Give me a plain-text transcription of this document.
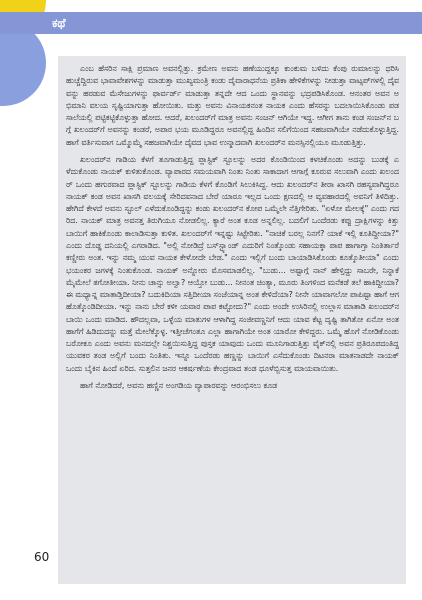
ಕಥೆ

ಎಂಬ ಹೆಸರಿನ ಸಾಕ್ಷಿ ಪ್ರಮಾಣ ಅವನಲ್ಲಿತ್ತು. ಕ್ರಮೇಣ ಅವನು ಹಣೆಯುದ್ದಕ್ಕೂ ಕುಂಕುಮ ಬಳಿದು ಕೆಂಪು ರುಮಾಲನ್ನು ಧರಿಸಿ ಹುಚ್ಚೆದ್ದಿರುವ ಭಾವಾವೇಶಗಳನ್ನು ಮಾಡುತ್ತಾ ಮುಖ್ಯಮಂತ್ರಿ ಕಂಡು ದೈವಾರಾಧನೆಯ ಪ್ರತಿಕಾ ಹೇಳಿಕೆಗಳನ್ನು ನೀಡುತ್ತಾ ವಾಟ್ಸಪ್‌ಗಳಲ್ಲಿ ದೈವವನ್ನು ಹರಡುವ ಮೆಸೇಜುಗಳನ್ನು ಫಾರ್ವರ್ಡ್ ಮಾಡುತ್ತಾ ತನ್ನದೇ ಆದ ಒಂದು ಸ್ಥಾನವನ್ನು ಭದ್ರಪಡಿಸಿಕೊಂಡ. ಆನಂತರ ಅವನ ಅಭಿಮಾನಿ ವಲಯ ಸೃಷ್ಟಿಯಾಗುತ್ತಾ ಹೋಯಿತು. ಮತ್ತು ಅವನು ವಿನಾಯಕನಂತ ನಾಯಕ ಎಂದು ಹೆಸರನ್ನು ಬದಲಾಯಿಸಿಕೊಂಡು ಪಡಸಾಲೆಯಲ್ಲಿ ಪಟ್ಟಿಕಟ್ಟಿಕೊಳ್ಳುತ್ತಾ ಹೋದ. ಆದರೆ, ಖಲಂದರ್‌ಗೆ ಮಾತ್ರ ಅವನು ಸಂಜನ್ ಆಗಿಯೇ ಇದ್ದ. ಆಗೀಗ ತಾನು ಕಂಡ ಸಂಜನ್‌ನ ಬಗ್ಗೆ ಖಲಂದರ್‌ಗೆ ಅವನನ್ನು ಕಂಡರೆ, ಅಪಾರ ಭಯ ಮೂಡಿದ್ದರೂ ಅವನಲ್ಲಿದ್ದ ಹಿಂದಿನ ಸಲಿಗೆಯಿಂದ ಸಹಜವಾಗಿಯೇ ನಡೆದುಕೊಳ್ಳುತ್ತಿದ್ದ. ಹಾಗೆ ವರ್ತಿಸುವಾಗ ಒಮ್ಮೊಮ್ಮೆ ಸಹಜವಾಗಿಯೇ ದೈವದ ಭಾವ ಉನ್ಮಾದವಾಗಿ ಖಲಂದರ್‌ನ ಮನಸ್ಸಿನಲ್ಲಿಯೂ ಮೂಡುತ್ತಿತ್ತು.

ಖಲಂದರ್‌ನ ಗಾಡಿಯ ಕೆಳಗೆ ತೂಗಾಡುತ್ತಿದ್ದ ಪ್ಲಾಸ್ಟಿಕ್ ಸ್ಟೂಲನ್ನು ಅದರ ಕೊಂಡಿಯಿಂದ ಕಳಚಿಕೊಂಡು ಅದನ್ನು ಬುಡಕ್ಕೆ ಎಳೆದುಕೊಂಡು ನಾಯಕ್ ಕುಳಿತುಕೊಂಡ. ವ್ಯಾಪಾರದ ಸಮಯವಾಗಿ ನಿಂತು ನಿಂತು ಸಾಕಾದಾಗ ಆಗಾಗ್ಗೆ ಕೂರುವ ಸಲುವಾಗಿ ಎಂದು ಖಲಂದರ್ ಒಂದು ಹಗುರವಾದ ಪ್ಲಾಸ್ಟಿಕ್ ಸ್ಟೂಲನ್ನು ಗಾಡಿಯ ಕೆಳಗೆ ಕೊಂಡಿಗೆ ಸಿಲುಕಿಸಿದ್ದ. ಆದು ಖಲಂದರ್‌ನ ತೀರಾ ಖಾಸಗಿ ರಹಸ್ಯವಾಗಿದ್ದರೂ ನಾಯಕ್‌ ಕಂಡ ಅವನ ಖಾಸಗಿ ವಲಯಕ್ಕೆ ಸೇರಿದವನಾದ ಬೇರೆ ಯಾರೂ ಇಲ್ಲದ ಒಂದು ಕ್ಷಣದಲ್ಲಿ ಆ ವ್ಯವಹಾರದಲ್ಲಿ ಅವನಿಗೆ ತಿಳಿದಿತ್ತು. ಹೇಗಿದೆ ಕೇಳದೆ ಅವನು ಸ್ಟೂಲ್ ಎಳೆದುಕೊಂಡಿದ್ದನ್ನು ಕಂಡು ಖಲಂದರ್‌ನ ಕೋಪ ಒಮ್ಮೆಲೇ ನೆತ್ತಿಗೇರಿತು. "ಏಳೋ ಮೇಲಕ್ಕೆ" ಎಂದು ಗದರಿದ. ನಾಯಕ್ ಮಾತ್ರ ಅವನತ್ತ ತಿರುಗಿಯೂ ನೋಡಲಿಲ್ಲ. ಕ್ಯಾರೆ ಅಂತ ಕೂಡ ಅನ್ನಲಿಲ್ಲ. ಬದಲಿಗೆ ಒಂದೆರಡು ಕಪ್ಪು ದ್ರಾಕ್ಷಿಗಳನ್ನು ಕಿತ್ತು ಬಾಯಿಗೆ ಹಾಕಿಕೊಂಡು ಕಾಲಾಡಿಸುತ್ತಾ ಕುಳಿತ. ಖಲಂದರ್‌ಗೆ ಇನ್ನಷ್ಟು ಸಿಟ್ಟೇರಿತು. "ನಾಚಿಕೆ ಬರಲ್ಲ ನಿನಗೆ? ಯಾಕೆ ಇಲ್ಲಿ ಕೂತಿದ್ದೀಯಾ?" ಎಂದು ದೊಡ್ಡ ದನಿಯಲ್ಲಿ ಎಗರಾಡಿದ. "ಅಲ್ಲಿ ನೋಡಿದ್ರೆ ಬಸ್‌ಸ್ಟ್ಯಾಂಡ್ ಎದುರಿಗೆ ನಿಂತ್ಕೊಂಡು ಸಹಾಯಕ್ಕಾ ಪಾಪ ಹಾಗಾಗ್ತಾ ನಿಂತಿರ್ತಾರೆ ಕಣ್ಣೀರು ಅಂತ. ಇನ್ನು ನಮ್ಮ ಯುವ ನಾಯಕ ಕೇಳೋದೇ ಬೇಡ." ಎಂದು ಇಲ್ಲಿಗೆ ಬಂದು ಬಾಯಾಡಿಸಿಕೊಂಡು ಕೂತ್ಕೊತೀಯಾ" ಎಂದು ಭಯಂಕರ ಜಗಳಕ್ಕೆ ನಿಂತುಕೊಂಡ. ನಾಯಕ್ ಅನ್ನೋರು ಮೊಸಮಾಡಲಿಲ್ಲ. "ಬುಡು... ಅಷ್ಟಾಗ್ಗೆ ನಾನ್ ಹೇಳ್ತಿದ್ದು ಸಾಬರೇ, ನಿನ್ನಾಕೆ ಮೈಮೇಲೆ ತಗೋತೀಯಾ. ನೀನು ಚಾನ್ಸು ಅಲ್ವಾ? ಆಯ್ತೋ ಬುಡು... ನೀನಂತ ಚಿಂತ್ಯಾ, ಮೂರು ತಿಂಗಳಿಂದ ಮನೆಕಡೆ ತಲೆ ಹಾಕಿದ್ದೀಯಾ? ಈ ಮಧ್ಯಾನ್ನ ಮಾತಾಡ್ತಿದೀಯಾ? ಬದುಕಿದಿಯಾ ಸತ್ತಿದೀಯಾ ಸಂಜೆಯಾನ್ನ ಅಂತ ಕೇಳಿದೆಯಾ? ನೀನೇ ಯಾವಾಗಲೋ ಪಾಪಿಷ್ಟಾ ಹಾಗೆ ಆಗ ಹೊತ್ಕೊಂಡಿದೀಯಾ. ಇನ್ನು ನಾನು ಬೇರೆ ಕಳೀ ಯವಾರ ಪಾಪ ಕಟ್ಟೋದು?" ಎಂದು ಅಂದೇ ಉಸಿರಿನಲ್ಲಿ ಉಲ್ಲಾಸ ಮಾತಾಡಿ ಖಲಂದರ್‌ನ ಬಾಯಿ ಒಂದು ಮಾಡಿದ. ಹೌದಲ್ಲವಾ, ಒಳ್ಳೆಯ ಮಾತುಗಳ ಆಳಾಗಿದ್ದ ಸಂಜೀವಣ್ಣನಿಗೆ ಆದು ಯಾವ ಕೆಟ್ಟ ದೃಷ್ಟಿ ತಾಗಿತೋ ಏನೋ ಅಂತ ಹಾಗೆಗೆ ಹಿಡಿದುದನ್ನು ಮತ್ತೆ ಮೇಲೆಕ್ಕೊಳ್ಳ. ಇತ್ತೀಚೆಗಂತೂ ಎಲ್ಲಾ ಹಾಗಾಗಿಯೇ ಅಂತ ಯಾರೋ ಕೇಳಿದ್ದರು. ಒಮ್ಮೆ ಹೊಗೆ ನೋಡಿಕೊಂಡು ಬರೋಕೂ ಎಂದು ಅವನು ಮನದಲ್ಲೇ ನಿಶ್ಚಯಿಸುತ್ತಿದ್ದ ಪುಸ್ತಕ ಯಾವುದು ಒಂದು ಮೂನಿಗಾಡುತ್ತಿತ್ತು ವೈಕ್‌ನಲ್ಲಿ ಅವನ ಪ್ರತಿರೂಪದಂತಿದ್ದ ಯುವಕರ ತಂಡ ಅಲ್ಲಿಗೆ ಬಂದು ನಿಂತಿತು. ಇನ್ನೂ ಒಂದೆರಡು ಹಣ್ಣನ್ನು ಬಾಯಿಗೆ ಎಸೆದುಕೊಂಡು ದಿಟನರಾ ಮಾತನಾಡದೇ ನಾಯಕ್ ಒಂದು ಬೈಕಿನ ಹಿಂದೆ ಏರಿದ. ಸುತ್ತಲಿನ ಜನರ ಆಕರ್ಷಣೆಯ ಕೇಂದ್ರವಾದ ತಂಡ ಧೂಳೆಬ್ಬಿಸುತ್ತ ಮಾಯವಾಯಿತು.

ಹಾಗೆ ನೋಡಿದರೆ, ಅವನು ಹಣ್ಣಿನ ಅಂಗಡಿಯ ವ್ಯಾಪಾರವನ್ನು ಆರಂಭಿಸಲು ಕೂಡ

60
